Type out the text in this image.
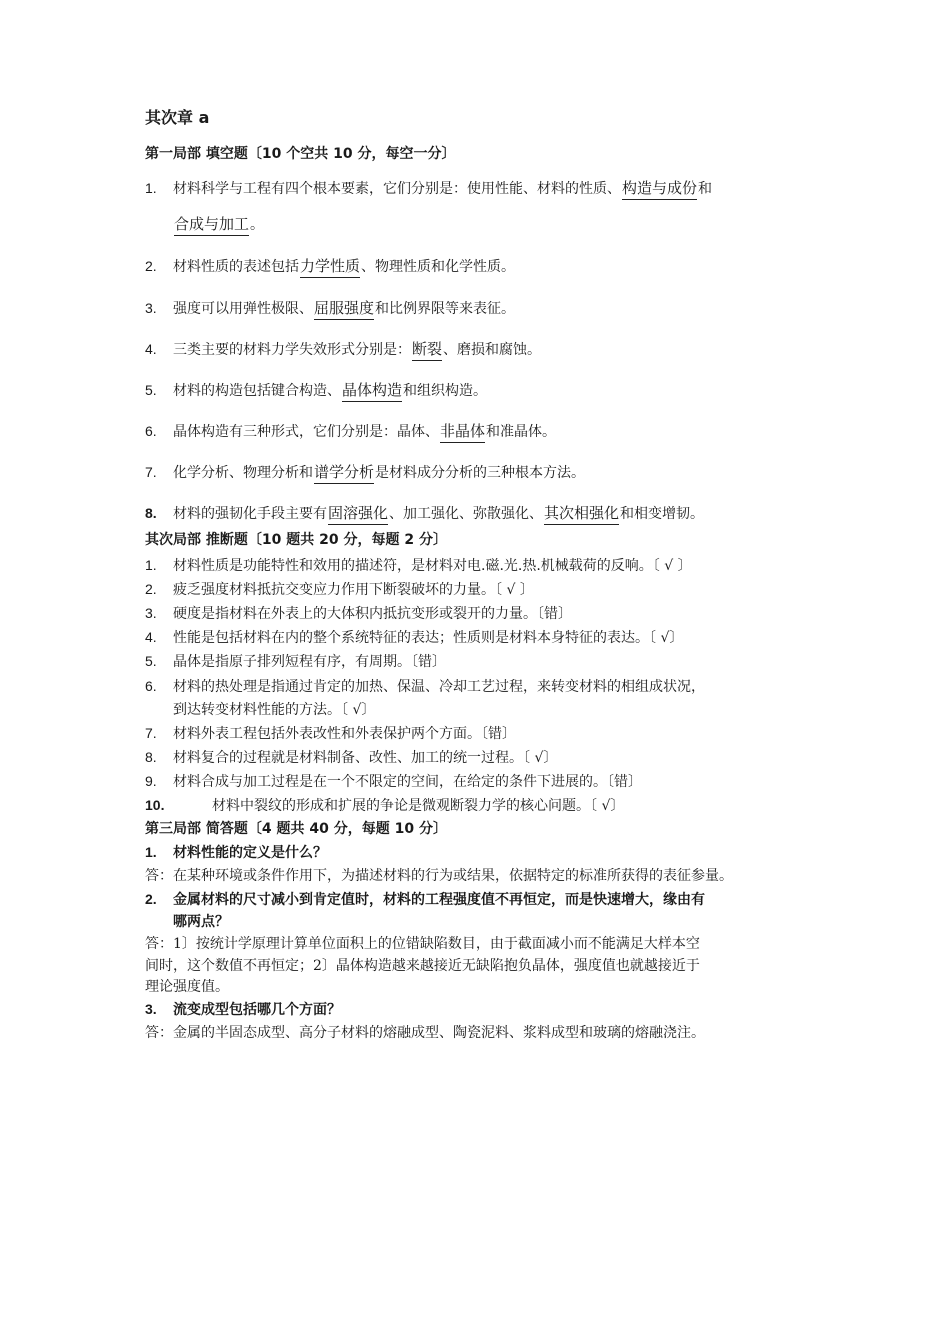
其次章 a
第一局部 填空题〔10 个空共 10 分，每空一分〕
1. 材料科学与工程有四个根本要素，它们分别是：使用性能、材料的性质、构造与成份和
合成与加工。
2. 材料性质的表述包括力学性质、物理性质和化学性质。
3. 强度可以用弹性极限、屈服强度和比例界限等来表征。
4. 三类主要的材料力学失效形式分别是：断裂、磨损和腐蚀。
5. 材料的构造包括键合构造、晶体构造和组织构造。
6. 晶体构造有三种形式，它们分别是：晶体、非晶体和准晶体。
7. 化学分析、物理分析和谱学分析是材料成分分析的三种根本方法。
8. 材料的强韧化手段主要有固溶强化、加工强化、弥散强化、其次相强化和相变增韧。
其次局部 推断题〔10 题共 20 分，每题 2 分〕
1. 材料性质是功能特性和效用的描述符，是材料对电.磁.光.热.机械载荷的反响。〔 √ 〕
2. 疲乏强度材料抵抗交变应力作用下断裂破坏的力量。〔 √ 〕
3. 硬度是指材料在外表上的大体积内抵抗变形或裂开的力量。〔错〕
4. 性能是包括材料在内的整个系统特征的表达；性质则是材料本身特征的表达。〔 √〕
5. 晶体是指原子排列短程有序，有周期。〔错〕
6. 材料的热处理是指通过肯定的加热、保温、冷却工艺过程，来转变材料的相组成状况，
到达转变材料性能的方法。〔 √〕
7. 材料外表工程包括外表改性和外表保护两个方面。〔错〕
8. 材料复合的过程就是材料制备、改性、加工的统一过程。〔 √〕
9. 材料合成与加工过程是在一个不限定的空间，在给定的条件下进展的。〔错〕
10.	材料中裂纹的形成和扩展的争论是微观断裂力学的核心问题。〔 √〕
第三局部 简答题〔4 题共 40 分，每题 10 分〕
1. 材料性能的定义是什么？
答：在某种环境或条件作用下，为描述材料的行为或结果，依据特定的标准所获得的表征参量。
2. 金属材料的尺寸减小到肯定值时，材料的工程强度值不再恒定，而是快速增大，缘由有
哪两点？
答：1〕按统计学原理计算单位面积上的位错缺陷数目，由于截面减小而不能满足大样本空
间时，这个数值不再恒定；2〕晶体构造越来越接近无缺陷抱负晶体，强度值也就越接近于
理论强度值。
3. 流变成型包括哪几个方面？
答：金属的半固态成型、高分子材料的熔融成型、陶瓷泥料、浆料成型和玻璃的熔融浇注。
